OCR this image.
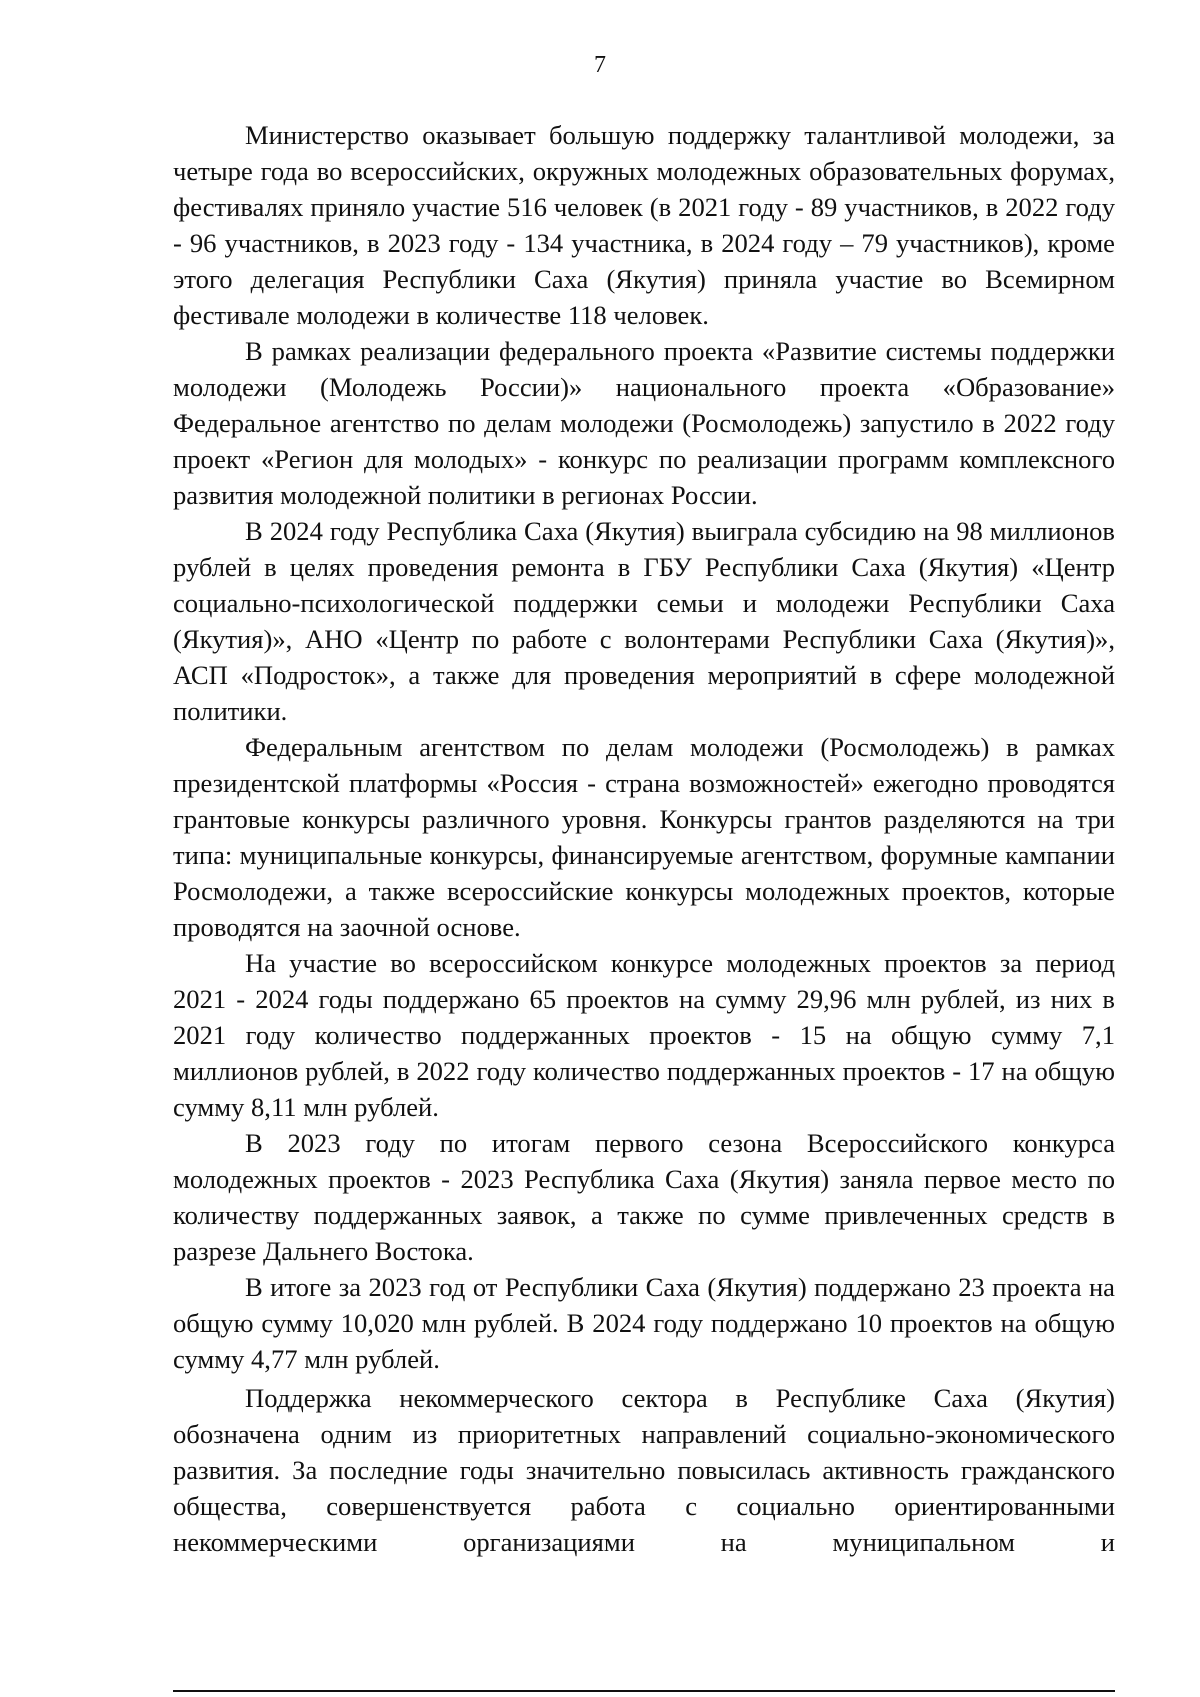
7

Министерство оказывает большую поддержку талантливой молодежи, за четыре года во всероссийских, окружных молодежных образовательных форумах, фестивалях приняло участие 516 человек (в 2021 году - 89 участников, в 2022 году - 96 участников, в 2023 году - 134 участника, в 2024 году – 79 участников), кроме этого делегация Республики Саха (Якутия) приняла участие во Всемирном фестивале молодежи в количестве 118 человек.

В рамках реализации федерального проекта «Развитие системы поддержки молодежи (Молодежь России)» национального проекта «Образование» Федеральное агентство по делам молодежи (Росмолодежь) запустило в 2022 году проект «Регион для молодых» - конкурс по реализации программ комплексного развития молодежной политики в регионах России.

В 2024 году Республика Саха (Якутия) выиграла субсидию на 98 миллионов рублей в целях проведения ремонта в ГБУ Республики Саха (Якутия) «Центр социально-психологической поддержки семьи и молодежи Республики Саха (Якутия)», АНО «Центр по работе с волонтерами Республики Саха (Якутия)», АСП «Подросток», а также для проведения мероприятий в сфере молодежной политики.

Федеральным агентством по делам молодежи (Росмолодежь) в рамках президентской платформы «Россия - страна возможностей» ежегодно проводятся грантовые конкурсы различного уровня. Конкурсы грантов разделяются на три типа: муниципальные конкурсы, финансируемые агентством, форумные кампании Росмолодежи, а также всероссийские конкурсы молодежных проектов, которые проводятся на заочной основе.

На участие во всероссийском конкурсе молодежных проектов за период 2021 - 2024 годы поддержано 65 проектов на сумму 29,96 млн рублей, из них в 2021 году количество поддержанных проектов - 15 на общую сумму 7,1 миллионов рублей, в 2022 году количество поддержанных проектов - 17 на общую сумму 8,11 млн рублей.

В 2023 году по итогам первого сезона Всероссийского конкурса молодежных проектов - 2023 Республика Саха (Якутия) заняла первое место по количеству поддержанных заявок, а также по сумме привлеченных средств в разрезе Дальнего Востока.

В итоге за 2023 год от Республики Саха (Якутия) поддержано 23 проекта на общую сумму 10,020 млн рублей. В 2024 году поддержано 10 проектов на общую сумму 4,77 млн рублей.

Поддержка некоммерческого сектора в Республике Саха (Якутия) обозначена одним из приоритетных направлений социально-экономического развития. За последние годы значительно повысилась активность гражданского общества, совершенствуется работа с социально ориентированными некоммерческими организациями на муниципальном и
